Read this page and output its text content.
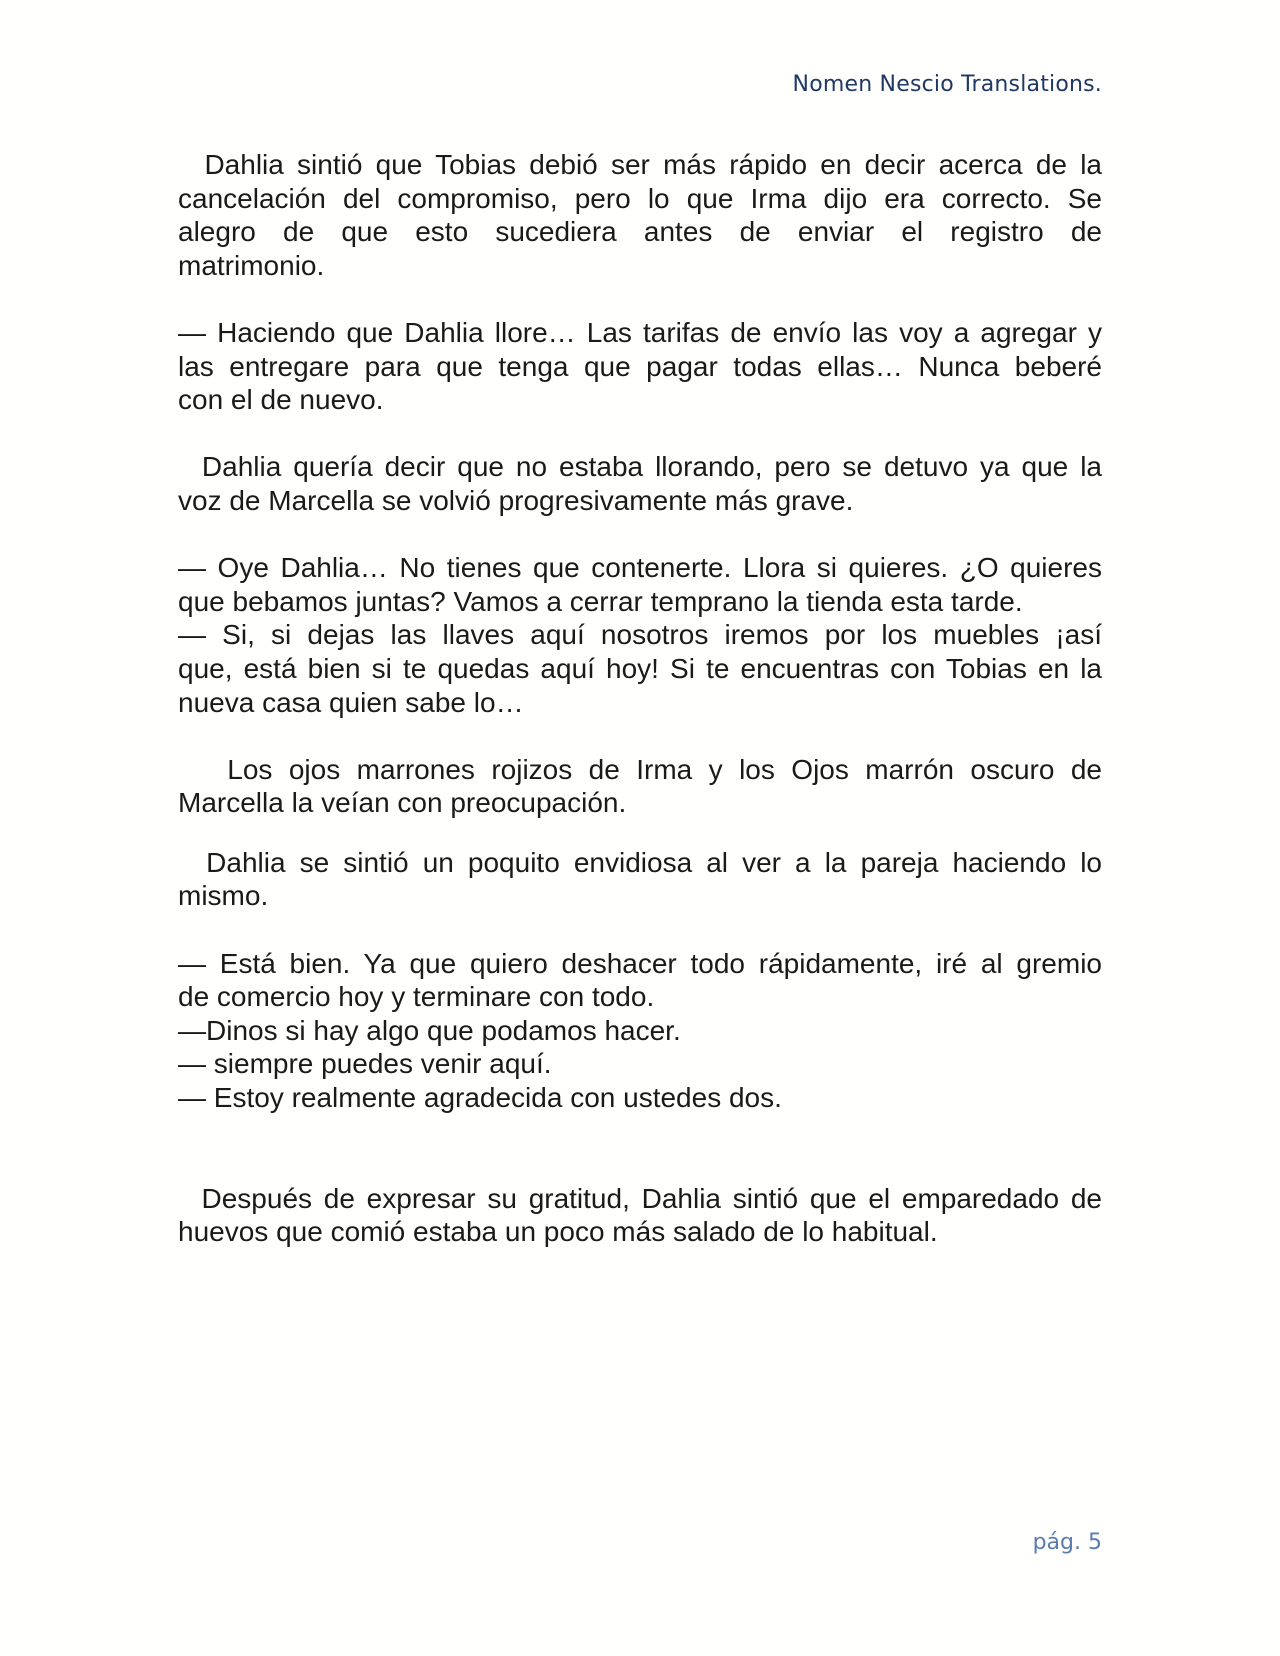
Nomen Nescio Translations.

Dahlia sintió que Tobias debió ser más rápido en decir acerca de la
cancelación del compromiso, pero lo que Irma dijo era correcto. Se
alegro de que esto sucediera antes de enviar el registro de
matrimonio.

— Haciendo que Dahlia llore… Las tarifas de envío las voy a agregar y
las entregare para que tenga que pagar todas ellas… Nunca beberé
con el de nuevo.

Dahlia quería decir que no estaba llorando, pero se detuvo ya que la
voz de Marcella se volvió progresivamente más grave.

— Oye Dahlia… No tienes que contenerte. Llora si quieres. ¿O quieres
que bebamos juntas? Vamos a cerrar temprano la tienda esta tarde.

— Si, si dejas las llaves aquí nosotros iremos por los muebles ¡así
que, está bien si te quedas aquí hoy! Si te encuentras con Tobias en la
nueva casa quien sabe lo…

Los ojos marrones rojizos de Irma y los Ojos marrón oscuro de
Marcella la veían con preocupación.

Dahlia se sintió un poquito envidiosa al ver a la pareja haciendo lo
mismo.

— Está bien. Ya que quiero deshacer todo rápidamente, iré al gremio
de comercio hoy y terminare con todo.

—Dinos si hay algo que podamos hacer.

— siempre puedes venir aquí.

— Estoy realmente agradecida con ustedes dos.

Después de expresar su gratitud, Dahlia sintió que el emparedado de
huevos que comió estaba un poco más salado de lo habitual.

pág. 5
